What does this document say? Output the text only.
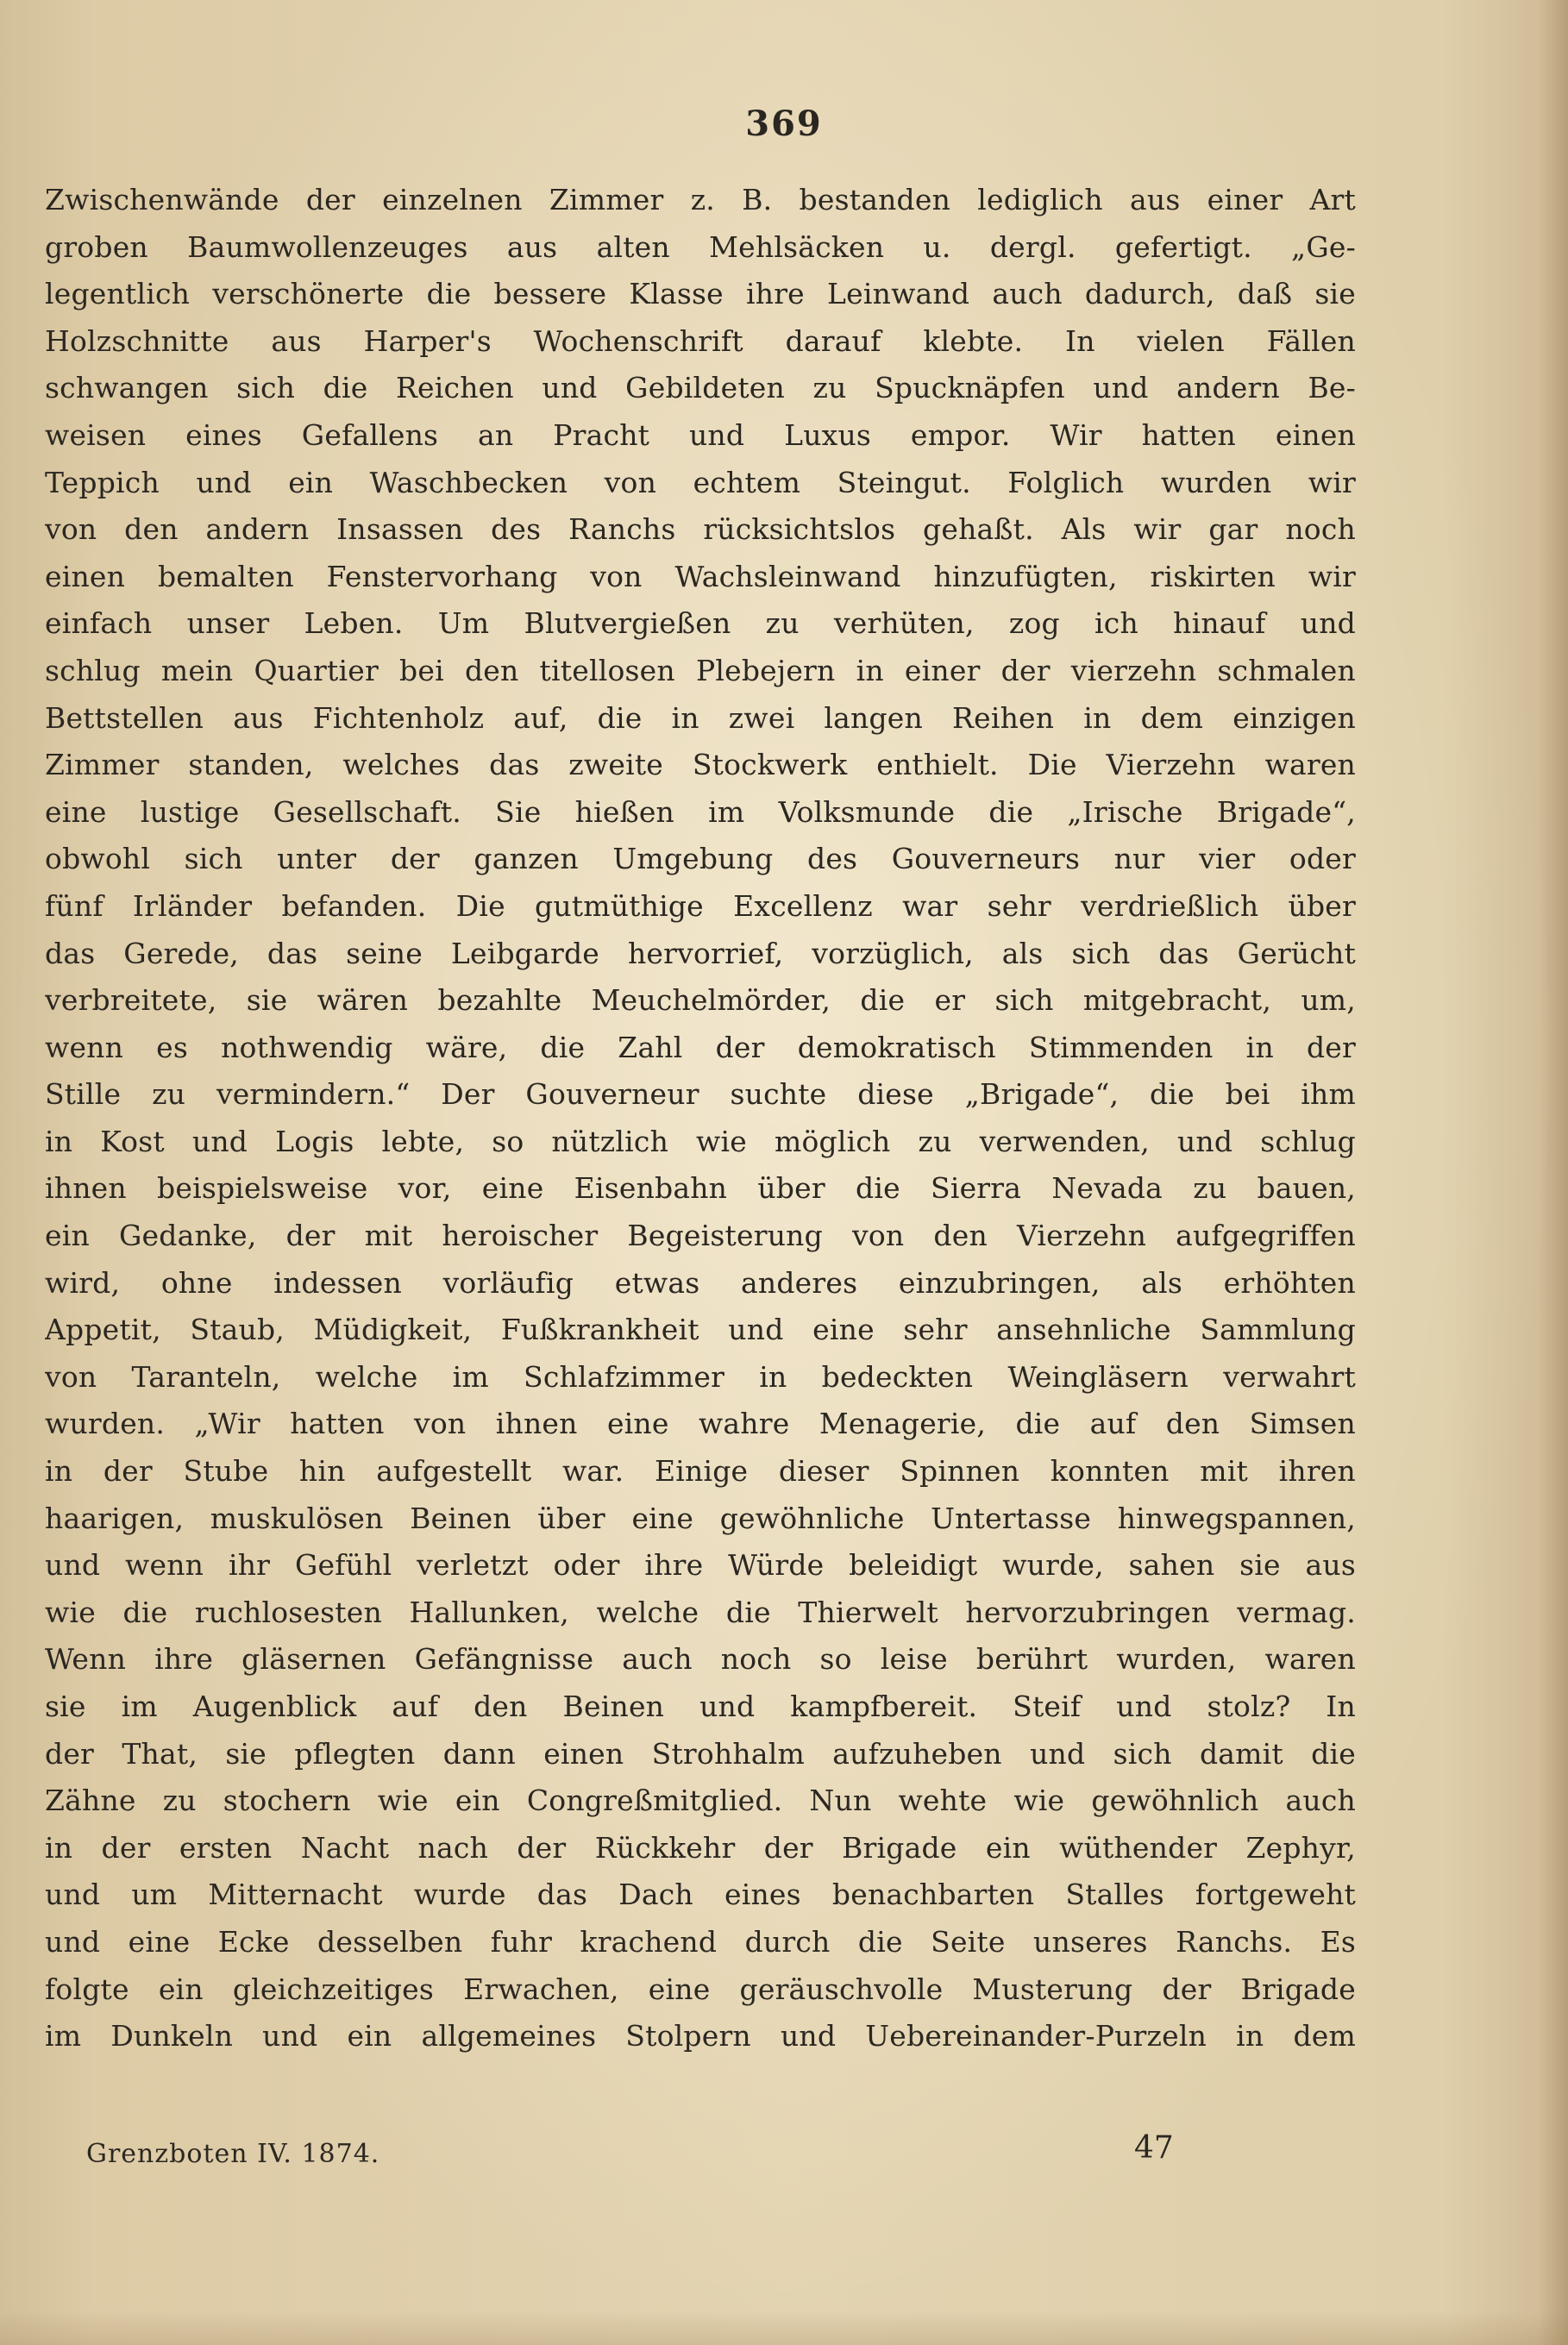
369
Zwischenwände der einzelnen Zimmer z. B. bestanden lediglich aus einer Art
groben Baumwollenzeuges aus alten Mehlsäcken u. dergl. gefertigt. „Ge-
legentlich verschönerte die bessere Klasse ihre Leinwand auch dadurch, daß sie
Holzschnitte aus Harper's Wochenschrift darauf klebte. In vielen Fällen
schwangen sich die Reichen und Gebildeten zu Spucknäpfen und andern Be-
weisen eines Gefallens an Pracht und Luxus empor. Wir hatten einen
Teppich und ein Waschbecken von echtem Steingut. Folglich wurden wir
von den andern Insassen des Ranchs rücksichtslos gehaßt. Als wir gar noch
einen bemalten Fenstervorhang von Wachsleinwand hinzufügten, riskirten wir
einfach unser Leben. Um Blutvergießen zu verhüten, zog ich hinauf und
schlug mein Quartier bei den titellosen Plebejern in einer der vierzehn schmalen
Bettstellen aus Fichtenholz auf, die in zwei langen Reihen in dem einzigen
Zimmer standen, welches das zweite Stockwerk enthielt. Die Vierzehn waren
eine lustige Gesellschaft. Sie hießen im Volksmunde die „Irische Brigade“,
obwohl sich unter der ganzen Umgebung des Gouverneurs nur vier oder
fünf Irländer befanden. Die gutmüthige Excellenz war sehr verdrießlich über
das Gerede, das seine Leibgarde hervorrief, vorzüglich, als sich das Gerücht
verbreitete, sie wären bezahlte Meuchelmörder, die er sich mitgebracht, um,
wenn es nothwendig wäre, die Zahl der demokratisch Stimmenden in der
Stille zu vermindern.“ Der Gouverneur suchte diese „Brigade“, die bei ihm
in Kost und Logis lebte, so nützlich wie möglich zu verwenden, und schlug
ihnen beispielsweise vor, eine Eisenbahn über die Sierra Nevada zu bauen,
ein Gedanke, der mit heroischer Begeisterung von den Vierzehn aufgegriffen
wird, ohne indessen vorläufig etwas anderes einzubringen, als erhöhten
Appetit, Staub, Müdigkeit, Fußkrankheit und eine sehr ansehnliche Sammlung
von Taranteln, welche im Schlafzimmer in bedeckten Weingläsern verwahrt
wurden. „Wir hatten von ihnen eine wahre Menagerie, die auf den Simsen
in der Stube hin aufgestellt war. Einige dieser Spinnen konnten mit ihren
haarigen, muskulösen Beinen über eine gewöhnliche Untertasse hinwegspannen,
und wenn ihr Gefühl verletzt oder ihre Würde beleidigt wurde, sahen sie aus
wie die ruchlosesten Hallunken, welche die Thierwelt hervorzubringen vermag.
Wenn ihre gläsernen Gefängnisse auch noch so leise berührt wurden, waren
sie im Augenblick auf den Beinen und kampfbereit. Steif und stolz? In
der That, sie pflegten dann einen Strohhalm aufzuheben und sich damit die
Zähne zu stochern wie ein Congreßmitglied. Nun wehte wie gewöhnlich auch
in der ersten Nacht nach der Rückkehr der Brigade ein wüthender Zephyr,
und um Mitternacht wurde das Dach eines benachbarten Stalles fortgeweht
und eine Ecke desselben fuhr krachend durch die Seite unseres Ranchs. Es
folgte ein gleichzeitiges Erwachen, eine geräuschvolle Musterung der Brigade
im Dunkeln und ein allgemeines Stolpern und Uebereinander-Purzeln in dem
Grenzboten IV. 1874.	47
